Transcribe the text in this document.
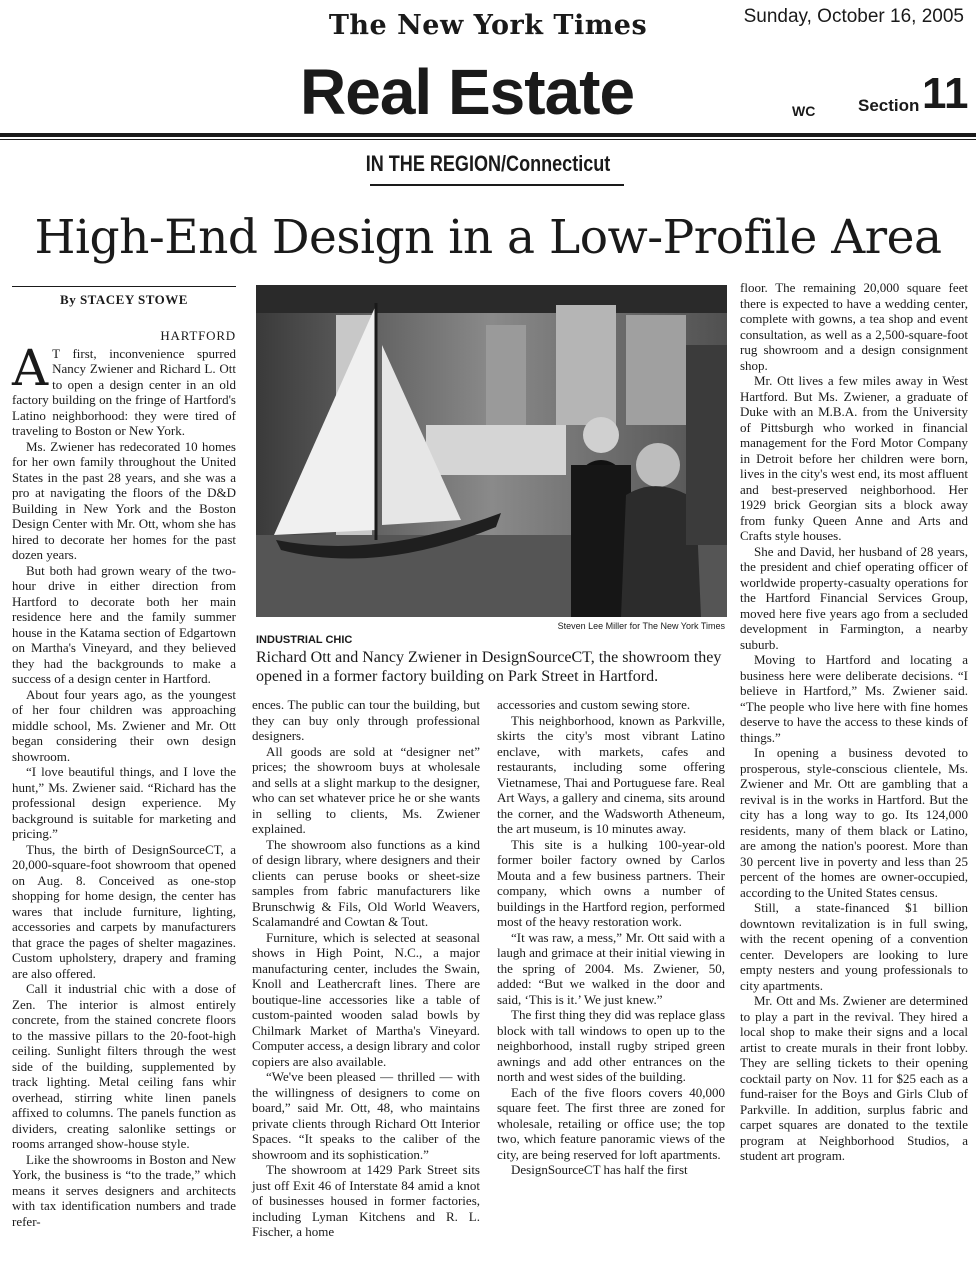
The New York Times	Sunday, October 16, 2005
Real Estate	WC	Section 11
IN THE REGION/Connecticut
High-End Design in a Low-Profile Area
By STACEY STOWE
HARTFORD

A T first, inconvenience spurred Nancy Zwiener and Richard L. Ott to open a design center in an old factory building on the fringe of Hartford's Latino neighborhood: they were tired of traveling to Boston or New York.

Ms. Zwiener has redecorated 10 homes for her own family throughout the United States in the past 28 years, and she was a pro at navigating the floors of the D&D Building in New York and the Boston Design Center with Mr. Ott, whom she has hired to decorate her homes for the past dozen years.

But both had grown weary of the two-hour drive in either direction from Hartford to decorate both her main residence here and the family summer house in the Katama section of Edgartown on Martha's Vineyard, and they believed they had the backgrounds to make a success of a design center in Hartford.

About four years ago, as the youngest of her four children was approaching middle school, Ms. Zwiener and Mr. Ott began considering their own design showroom.

“I love beautiful things, and I love the hunt,” Ms. Zwiener said. “Richard has the professional design experience. My background is suitable for marketing and pricing.”

Thus, the birth of DesignSourceCT, a 20,000-square-foot showroom that opened on Aug. 8. Conceived as one-stop shopping for home design, the center has wares that include furniture, lighting, accessories and carpets by manufacturers that grace the pages of shelter magazines. Custom upholstery, drapery and framing are also offered.

Call it industrial chic with a dose of Zen. The interior is almost entirely concrete, from the stained concrete floors to the massive pillars to the 20-foot-high ceiling. Sunlight filters through the west side of the building, supplemented by track lighting. Metal ceiling fans whir overhead, stirring white linen panels affixed to columns. The panels function as dividers, creating salonlike settings or rooms arranged show-house style.

Like the showrooms in Boston and New York, the business is “to the trade,” which means it serves designers and architects with tax identification numbers and trade refer-

Steven Lee Miller for The New York Times
INDUSTRIAL CHIC
Richard Ott and Nancy Zwiener in DesignSourceCT, the showroom they opened in a former factory building on Park Street in Hartford.

ences. The public can tour the building, but they can buy only through professional designers.

All goods are sold at “designer net” prices; the showroom buys at wholesale and sells at a slight markup to the designer, who can set whatever price he or she wants in selling to clients, Ms. Zwiener explained.

The showroom also functions as a kind of design library, where designers and their clients can peruse books or sheet-size samples from fabric manufacturers like Brunschwig & Fils, Old World Weavers, Scalamandré and Cowtan & Tout.

Furniture, which is selected at seasonal shows in High Point, N.C., a major manufacturing center, includes the Swain, Knoll and Leathercraft lines. There are boutique-line accessories like a table of custom-painted wooden salad bowls by Chilmark Market of Martha's Vineyard. Computer access, a design library and color copiers are also available.

“We've been pleased — thrilled — with the willingness of designers to come on board,” said Mr. Ott, 48, who maintains private clients through Richard Ott Interior Spaces. “It speaks to the caliber of the showroom and its sophistication.”

The showroom at 1429 Park Street sits just off Exit 46 of Interstate 84 amid a knot of businesses housed in former factories, including Lyman Kitchens and R. L. Fischer, a home

accessories and custom sewing store.

This neighborhood, known as Parkville, skirts the city's most vibrant Latino enclave, with markets, cafes and restaurants, including some offering Vietnamese, Thai and Portuguese fare. Real Art Ways, a gallery and cinema, sits around the corner, and the Wadsworth Atheneum, the art museum, is 10 minutes away.

This site is a hulking 100-year-old former boiler factory owned by Carlos Mouta and a few business partners. Their company, which owns a number of buildings in the Hartford region, performed most of the heavy restoration work.

“It was raw, a mess,” Mr. Ott said with a laugh and grimace at their initial viewing in the spring of 2004. Ms. Zwiener, 50, added: “But we walked in the door and said, ‘This is it.’ We just knew.”

The first thing they did was replace glass block with tall windows to open up to the neighborhood, install rugby striped green awnings and add other entrances on the north and west sides of the building.

Each of the five floors covers 40,000 square feet. The first three are zoned for wholesale, retailing or office use; the top two, which feature panoramic views of the city, are being reserved for loft apartments.

DesignSourceCT has half the first

floor. The remaining 20,000 square feet there is expected to have a wedding center, complete with gowns, a tea shop and event consultation, as well as a 2,500-square-foot rug showroom and a design consignment shop.

Mr. Ott lives a few miles away in West Hartford. But Ms. Zwiener, a graduate of Duke with an M.B.A. from the University of Pittsburgh who worked in financial management for the Ford Motor Company in Detroit before her children were born, lives in the city's west end, its most affluent and best-preserved neighborhood. Her 1929 brick Georgian sits a block away from funky Queen Anne and Arts and Crafts style houses.

She and David, her husband of 28 years, the president and chief operating officer of worldwide property-casualty operations for the Hartford Financial Services Group, moved here five years ago from a secluded development in Farmington, a nearby suburb.

Moving to Hartford and locating a business here were deliberate decisions. “I believe in Hartford,” Ms. Zwiener said. “The people who live here with fine homes deserve to have the access to these kinds of things.”

In opening a business devoted to prosperous, style-conscious clientele, Ms. Zwiener and Mr. Ott are gambling that a revival is in the works in Hartford. But the city has a long way to go. Its 124,000 residents, many of them black or Latino, are among the nation's poorest. More than 30 percent live in poverty and less than 25 percent of the homes are owner-occupied, according to the United States census.

Still, a state-financed $1 billion downtown revitalization is in full swing, with the recent opening of a convention center. Developers are looking to lure empty nesters and young professionals to city apartments.

Mr. Ott and Ms. Zwiener are determined to play a part in the revival. They hired a local shop to make their signs and a local artist to create murals in their front lobby. They are selling tickets to their opening cocktail party on Nov. 11 for $25 each as a fund-raiser for the Boys and Girls Club of Parkville. In addition, surplus fabric and carpet squares are donated to the textile program at Neighborhood Studios, a student art program.
